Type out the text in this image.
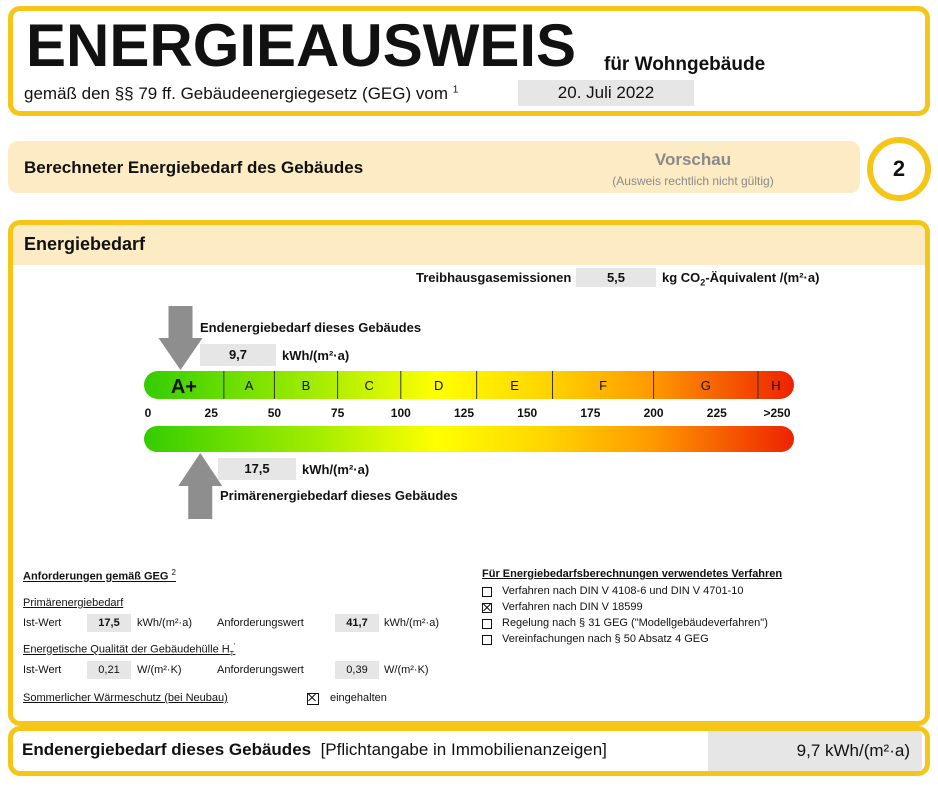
ENERGIEAUSWEIS für Wohngebäude
gemäß den §§ 79 ff. Gebäudeenergiegesetz (GEG) vom $^1$	20. Juli 2022
Berechneter Energiebedarf des Gebäudes	Vorschau
(Ausweis rechtlich nicht gültig)	2
Energiebedarf
Treibhausgasemissionen	5,5	kg $CO_2$-Äquivalent /(m²·a)
Endenergiebedarf dieses Gebäudes
9,7	kWh/(m²·a)
A+	A	B	C	D	E	F	G	H
0	25	50	75	100	125	150	175	200	225	>250
17,5	kWh/(m²·a)
Primärenergiebedarf dieses Gebäudes
Anforderungen gemäß GEG $^2$
Primärenergiebedarf
Ist-Wert	17,5	kWh/(m²·a) Anforderungswert	41,7	kWh/(m²·a)
Energetische Qualität der Gebäudehülle $H_T'$
Ist-Wert	0,21	W/(m²·K)	Anforderungswert	0,39	W/(m²·K)
Sommerlicher Wärmeschutz (bei Neubau)	eingehalten
Für Energiebedarfsberechnungen verwendetes Verfahren
Verfahren nach DIN V 4108-6 und DIN V 4701-10
Verfahren nach DIN V 18599
Regelung nach § 31 GEG ("Modellgebäudeverfahren")
Vereinfachungen nach § 50 Absatz 4 GEG
Endenergiebedarf dieses Gebäudes [Pflichtangabe in Immobilienanzeigen]	9,7 kWh/(m²·a)
